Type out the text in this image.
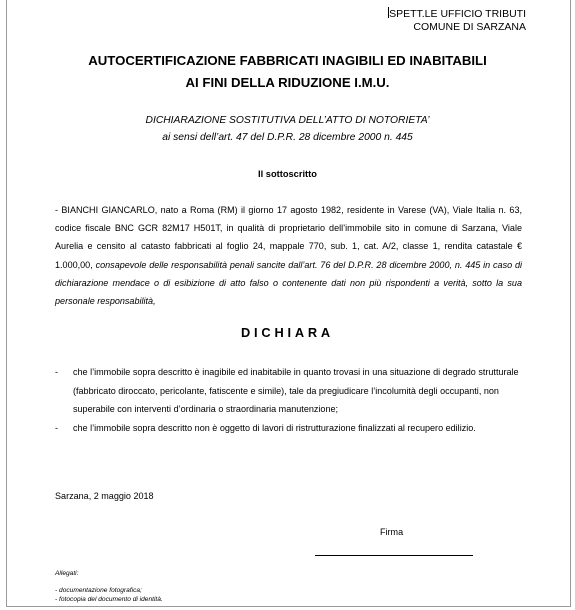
SPETT.LE UFFICIO TRIBUTI
COMUNE DI SARZANA
AUTOCERTIFICAZIONE FABBRICATI INAGIBILI ED INABITABILI
AI FINI DELLA RIDUZIONE I.M.U.
DICHIARAZIONE SOSTITUTIVA DELL’ATTO DI NOTORIETA’
ai sensi dell’art. 47 del D.P.R. 28 dicembre 2000 n. 445
Il sottoscritto
- BIANCHI GIANCARLO, nato a Roma (RM) il giorno 17 agosto 1982, residente in Varese (VA), Viale Italia n. 63, codice fiscale BNC GCR 82M17 H501T, in qualità di proprietario dell’immobile sito in comune di Sarzana, Viale Aurelia e censito al catasto fabbricati al foglio 24, mappale 770, sub. 1, cat. A/2, classe 1, rendita catastale € 1.000,00, consapevole delle responsabilità penali sancite dall’art. 76 del D.P.R. 28 dicembre 2000, n. 445 in caso di dichiarazione mendace o di esibizione di atto falso o contenente dati non più rispondenti a verità, sotto la sua personale responsabilità,
DICHIARA
- che l’immobile sopra descritto è inagibile ed inabitabile in quanto trovasi in una situazione di degrado strutturale (fabbricato diroccato, pericolante, fatiscente e simile), tale da pregiudicare l’incolumità degli occupanti, non superabile con interventi d’ordinaria o straordinaria manutenzione;
- che l’immobile sopra descritto non è oggetto di lavori di ristrutturazione finalizzati al recupero edilizio.
Sarzana, 2 maggio 2018
Firma
Allegati:
- documentazione fotografica;
- fotocopia del documento di identità.
